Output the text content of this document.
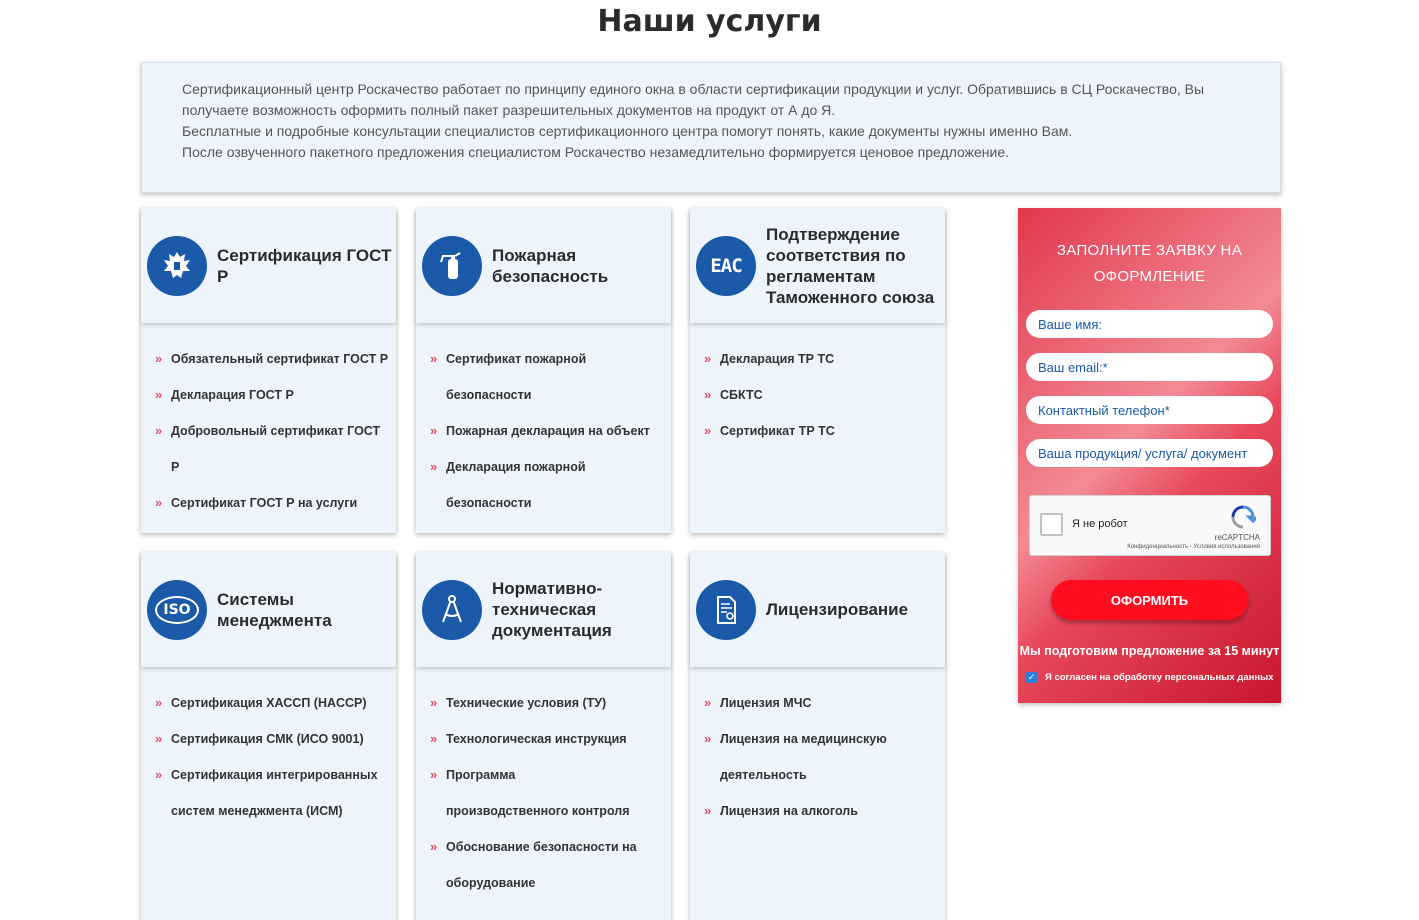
Наши услуги

Сертификационный центр Роскачество работает по принципу единого окна в области сертификации продукции и услуг. Обратившись в СЦ Роскачество, Вы получаете возможность оформить полный пакет разрешительных документов на продукт от А до Я.

Бесплатные и подробные консультации специалистов сертификационного центра помогут понять, какие документы нужны именно Вам.

После озвученного пакетного предложения специалистом Роскачество незамедлительно формируется ценовое предложение.

Сертификация ГОСТ Р
» Обязательный сертификат ГОСТ Р
» Декларация ГОСТ Р
» Добровольный сертификат ГОСТ Р
» Сертификат ГОСТ Р на услуги
Пожарная безопасность
» Сертификат пожарной безопасности
» Пожарная декларация на объект
» Декларация пожарной безопасности
ЕАС
Подтверждение соответствия по регламентам Таможенного союза
» Декларация ТР ТС
» СБКТС
» Сертификат ТР ТС
ISO
Системы менеджмента
» Сертификация ХАССП (HACCP)
» Сертификация СМК (ИСО 9001)
» Сертификация интегрированных систем менеджмента (ИСМ)
Нормативно-техническая документация
» Технические условия (ТУ)
» Технологическая инструкция
» Программа производственного контроля
» Обоснование безопасности на оборудование
Лицензирование
» Лицензия МЧС
» Лицензия на медицинскую деятельность
» Лицензия на алкоголь
ЗАПОЛНИТЕ ЗАЯВКУ НА
ОФОРМЛЕНИЕ
Ваше имя:
Ваш email:*
Контактный телефон*
Ваша продукция/ услуга/ документ
Я не робот
reCAPTCHA
Конфиденциальность - Условия использования
ОФОРМИТЬ
Мы подготовим предложение за 15 минут
✓ Я согласен на обработку персональных данных
